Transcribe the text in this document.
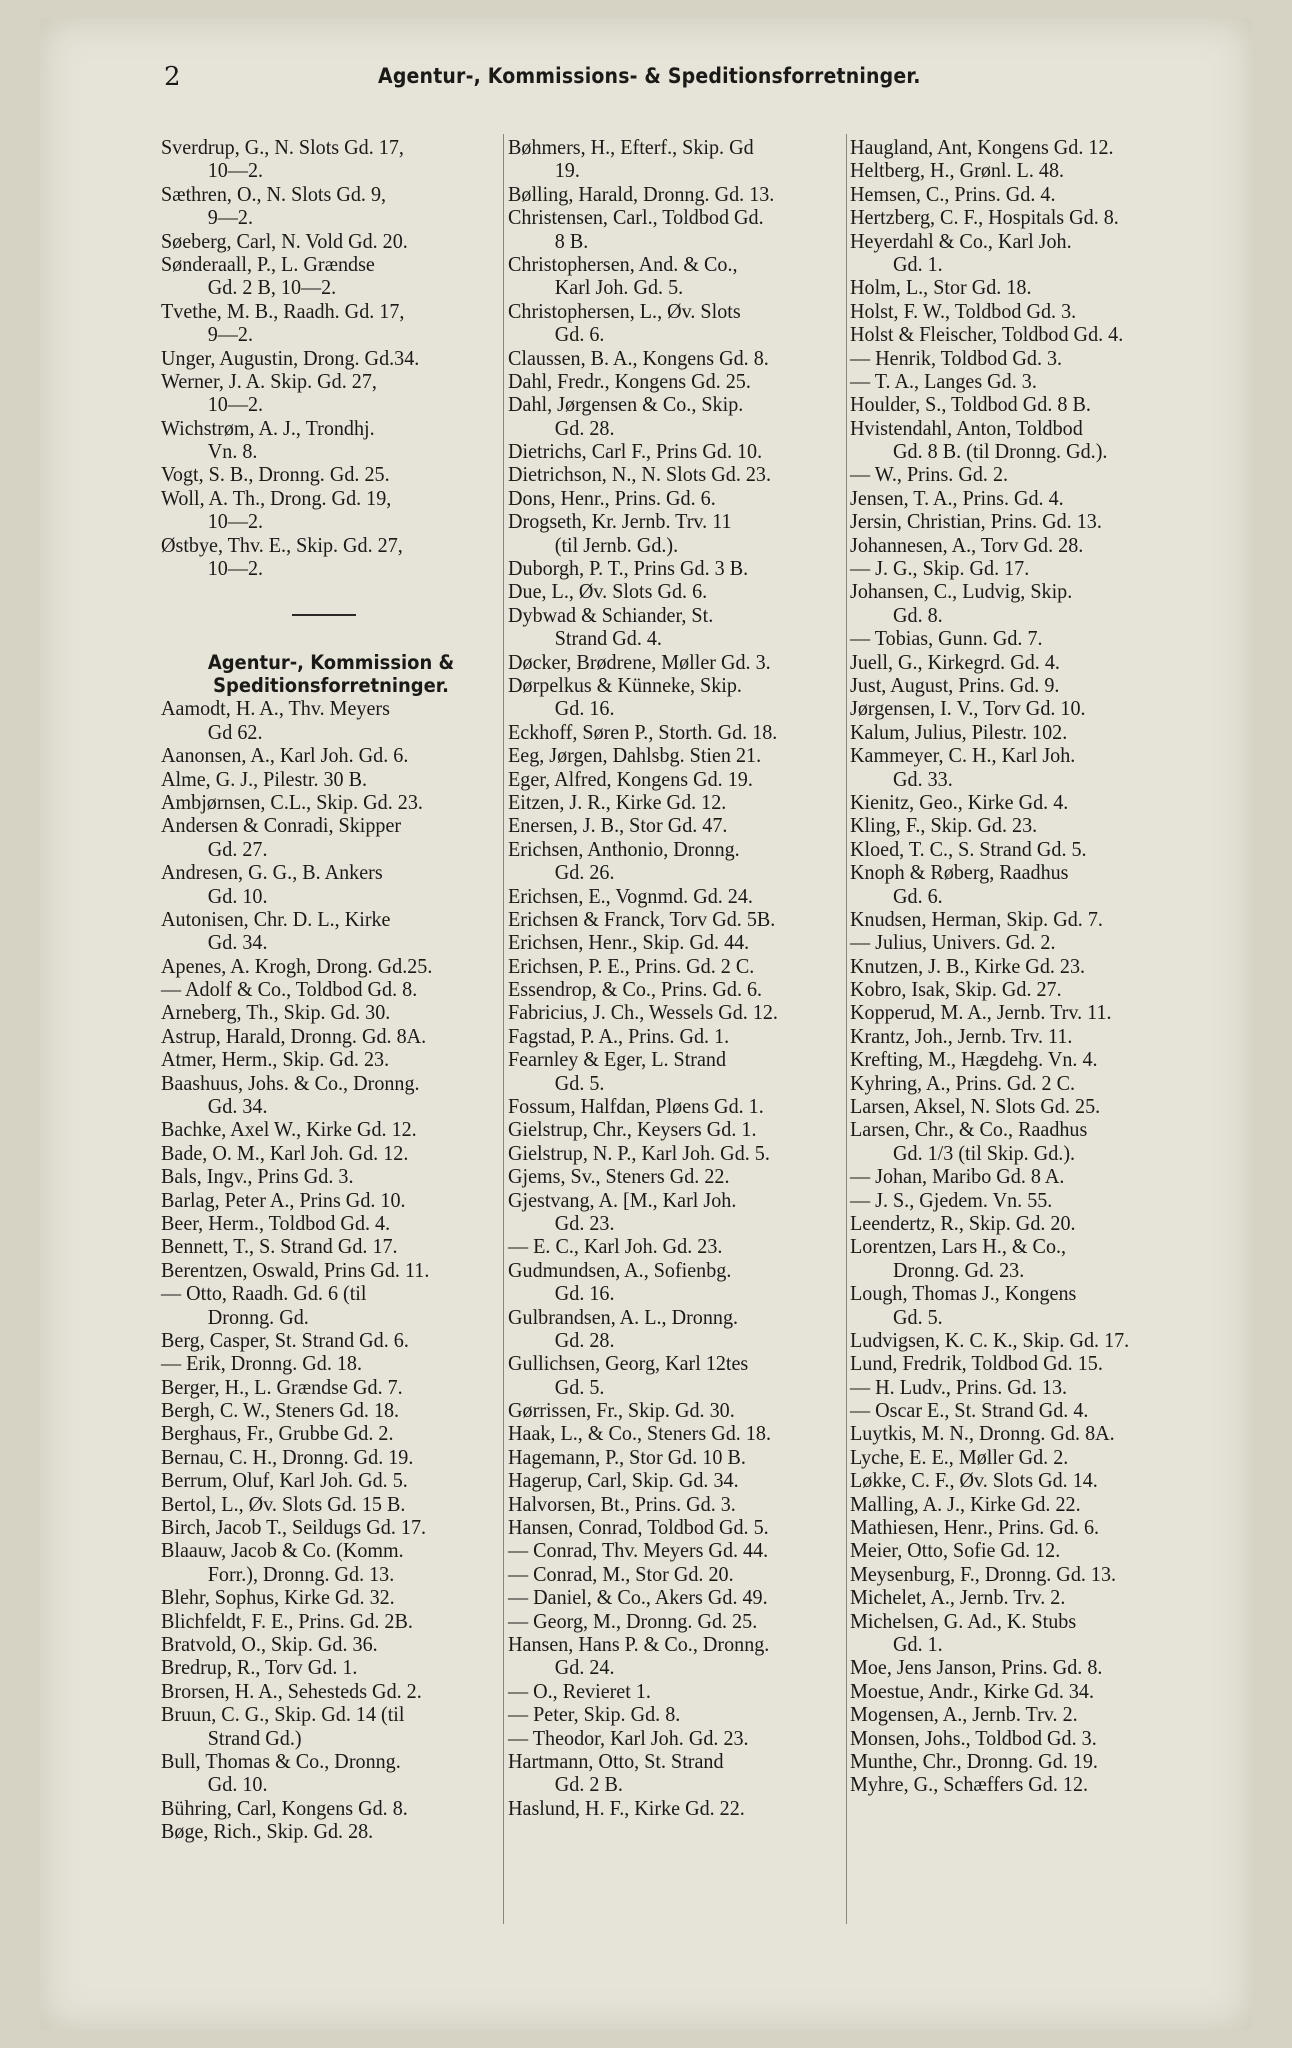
2	Agentur-, Kommissions- & Speditionsforretninger.
Sverdrup, G., N. Slots Gd. 17,
10—2.
Sæthren, O., N. Slots Gd. 9,
9—2.
Søeberg, Carl, N. Vold Gd. 20.
Sønderaall, P., L. Grændse
Gd. 2 B, 10—2.
Tvethe, M. B., Raadh. Gd. 17,
9—2.
Unger, Augustin, Drong. Gd.34.
Werner, J. A. Skip. Gd. 27,
10—2.
Wichstrøm, A. J., Trondhj.
Vn. 8.
Vogt, S. B., Dronng. Gd. 25.
Woll, A. Th., Drong. Gd. 19,
10—2.
Østbye, Thv. E., Skip. Gd. 27,
10—2.
Agentur-, Kommission &
Speditionsforretninger.
Aamodt, H. A., Thv. Meyers
Gd 62.
Aanonsen, A., Karl Joh. Gd. 6.
Alme, G. J., Pilestr. 30 B.
Ambjørnsen, C.L., Skip. Gd. 23.
Andersen & Conradi, Skipper
Gd. 27.
Andresen, G. G., B. Ankers
Gd. 10.
Autonisen, Chr. D. L., Kirke
Gd. 34.
Apenes, A. Krogh, Drong. Gd.25.
— Adolf & Co., Toldbod Gd. 8.
Arneberg, Th., Skip. Gd. 30.
Astrup, Harald, Dronng. Gd. 8A.
Atmer, Herm., Skip. Gd. 23.
Baashuus, Johs. & Co., Dronng.
Gd. 34.
Bachke, Axel W., Kirke Gd. 12.
Bade, O. M., Karl Joh. Gd. 12.
Bals, Ingv., Prins Gd. 3.
Barlag, Peter A., Prins Gd. 10.
Beer, Herm., Toldbod Gd. 4.
Bennett, T., S. Strand Gd. 17.
Berentzen, Oswald, Prins Gd. 11.
— Otto, Raadh. Gd. 6 (til
Dronng. Gd.
Berg, Casper, St. Strand Gd. 6.
— Erik, Dronng. Gd. 18.
Berger, H., L. Grændse Gd. 7.
Bergh, C. W., Steners Gd. 18.
Berghaus, Fr., Grubbe Gd. 2.
Bernau, C. H., Dronng. Gd. 19.
Berrum, Oluf, Karl Joh. Gd. 5.
Bertol, L., Øv. Slots Gd. 15 B.
Birch, Jacob T., Seildugs Gd. 17.
Blaauw, Jacob & Co. (Komm.
Forr.), Dronng. Gd. 13.
Blehr, Sophus, Kirke Gd. 32.
Blichfeldt, F. E., Prins. Gd. 2B.
Bratvold, O., Skip. Gd. 36.
Bredrup, R., Torv Gd. 1.
Brorsen, H. A., Sehesteds Gd. 2.
Bruun, C. G., Skip. Gd. 14 (til
Strand Gd.)
Bull, Thomas & Co., Dronng.
Gd. 10.
Bühring, Carl, Kongens Gd. 8.
Bøge, Rich., Skip. Gd. 28.
Bøhmers, H., Efterf., Skip. Gd
19.
Bølling, Harald, Dronng. Gd. 13.
Christensen, Carl., Toldbod Gd.
8 B.
Christophersen, And. & Co.,
Karl Joh. Gd. 5.
Christophersen, L., Øv. Slots
Gd. 6.
Claussen, B. A., Kongens Gd. 8.
Dahl, Fredr., Kongens Gd. 25.
Dahl, Jørgensen & Co., Skip.
Gd. 28.
Dietrichs, Carl F., Prins Gd. 10.
Dietrichson, N., N. Slots Gd. 23.
Dons, Henr., Prins. Gd. 6.
Drogseth, Kr. Jernb. Trv. 11
(til Jernb. Gd.).
Duborgh, P. T., Prins Gd. 3 B.
Due, L., Øv. Slots Gd. 6.
Dybwad & Schiander, St.
Strand Gd. 4.
Døcker, Brødrene, Møller Gd. 3.
Dørpelkus & Künneke, Skip.
Gd. 16.
Eckhoff, Søren P., Storth. Gd. 18.
Eeg, Jørgen, Dahlsbg. Stien 21.
Eger, Alfred, Kongens Gd. 19.
Eitzen, J. R., Kirke Gd. 12.
Enersen, J. B., Stor Gd. 47.
Erichsen, Anthonio, Dronng.
Gd. 26.
Erichsen, E., Vognmd. Gd. 24.
Erichsen & Franck, Torv Gd. 5B.
Erichsen, Henr., Skip. Gd. 44.
Erichsen, P. E., Prins. Gd. 2 C.
Essendrop, & Co., Prins. Gd. 6.
Fabricius, J. Ch., Wessels Gd. 12.
Fagstad, P. A., Prins. Gd. 1.
Fearnley & Eger, L. Strand
Gd. 5.
Fossum, Halfdan, Pløens Gd. 1.
Gielstrup, Chr., Keysers Gd. 1.
Gielstrup, N. P., Karl Joh. Gd. 5.
Gjems, Sv., Steners Gd. 22.
Gjestvang, A. [M., Karl Joh.
Gd. 23.
— E. C., Karl Joh. Gd. 23.
Gudmundsen, A., Sofienbg.
Gd. 16.
Gulbrandsen, A. L., Dronng.
Gd. 28.
Gullichsen, Georg, Karl 12tes
Gd. 5.
Gørrissen, Fr., Skip. Gd. 30.
Haak, L., & Co., Steners Gd. 18.
Hagemann, P., Stor Gd. 10 B.
Hagerup, Carl, Skip. Gd. 34.
Halvorsen, Bt., Prins. Gd. 3.
Hansen, Conrad, Toldbod Gd. 5.
— Conrad, Thv. Meyers Gd. 44.
— Conrad, M., Stor Gd. 20.
— Daniel, & Co., Akers Gd. 49.
— Georg, M., Dronng. Gd. 25.
Hansen, Hans P. & Co., Dronng.
Gd. 24.
— O., Revieret 1.
— Peter, Skip. Gd. 8.
— Theodor, Karl Joh. Gd. 23.
Hartmann, Otto, St. Strand
Gd. 2 B.
Haslund, H. F., Kirke Gd. 22.
Haugland, Ant, Kongens Gd. 12.
Heltberg, H., Grønl. L. 48.
Hemsen, C., Prins. Gd. 4.
Hertzberg, C. F., Hospitals Gd. 8.
Heyerdahl & Co., Karl Joh.
Gd. 1.
Holm, L., Stor Gd. 18.
Holst, F. W., Toldbod Gd. 3.
Holst & Fleischer, Toldbod Gd. 4.
— Henrik, Toldbod Gd. 3.
— T. A., Langes Gd. 3.
Houlder, S., Toldbod Gd. 8 B.
Hvistendahl, Anton, Toldbod
Gd. 8 B. (til Dronng. Gd.).
— W., Prins. Gd. 2.
Jensen, T. A., Prins. Gd. 4.
Jersin, Christian, Prins. Gd. 13.
Johannesen, A., Torv Gd. 28.
— J. G., Skip. Gd. 17.
Johansen, C., Ludvig, Skip.
Gd. 8.
— Tobias, Gunn. Gd. 7.
Juell, G., Kirkegrd. Gd. 4.
Just, August, Prins. Gd. 9.
Jørgensen, I. V., Torv Gd. 10.
Kalum, Julius, Pilestr. 102.
Kammeyer, C. H., Karl Joh.
Gd. 33.
Kienitz, Geo., Kirke Gd. 4.
Kling, F., Skip. Gd. 23.
Kloed, T. C., S. Strand Gd. 5.
Knoph & Røberg, Raadhus
Gd. 6.
Knudsen, Herman, Skip. Gd. 7.
— Julius, Univers. Gd. 2.
Knutzen, J. B., Kirke Gd. 23.
Kobro, Isak, Skip. Gd. 27.
Kopperud, M. A., Jernb. Trv. 11.
Krantz, Joh., Jernb. Trv. 11.
Krefting, M., Hægdehg. Vn. 4.
Kyhring, A., Prins. Gd. 2 C.
Larsen, Aksel, N. Slots Gd. 25.
Larsen, Chr., & Co., Raadhus
Gd. 1/3 (til Skip. Gd.).
— Johan, Maribo Gd. 8 A.
— J. S., Gjedem. Vn. 55.
Leendertz, R., Skip. Gd. 20.
Lorentzen, Lars H., & Co.,
Dronng. Gd. 23.
Lough, Thomas J., Kongens
Gd. 5.
Ludvigsen, K. C. K., Skip. Gd. 17.
Lund, Fredrik, Toldbod Gd. 15.
— H. Ludv., Prins. Gd. 13.
— Oscar E., St. Strand Gd. 4.
Luytkis, M. N., Dronng. Gd. 8A.
Lyche, E. E., Møller Gd. 2.
Løkke, C. F., Øv. Slots Gd. 14.
Malling, A. J., Kirke Gd. 22.
Mathiesen, Henr., Prins. Gd. 6.
Meier, Otto, Sofie Gd. 12.
Meysenburg, F., Dronng. Gd. 13.
Michelet, A., Jernb. Trv. 2.
Michelsen, G. Ad., K. Stubs
Gd. 1.
Moe, Jens Janson, Prins. Gd. 8.
Moestue, Andr., Kirke Gd. 34.
Mogensen, A., Jernb. Trv. 2.
Monsen, Johs., Toldbod Gd. 3.
Munthe, Chr., Dronng. Gd. 19.
Myhre, G., Schæffers Gd. 12.
